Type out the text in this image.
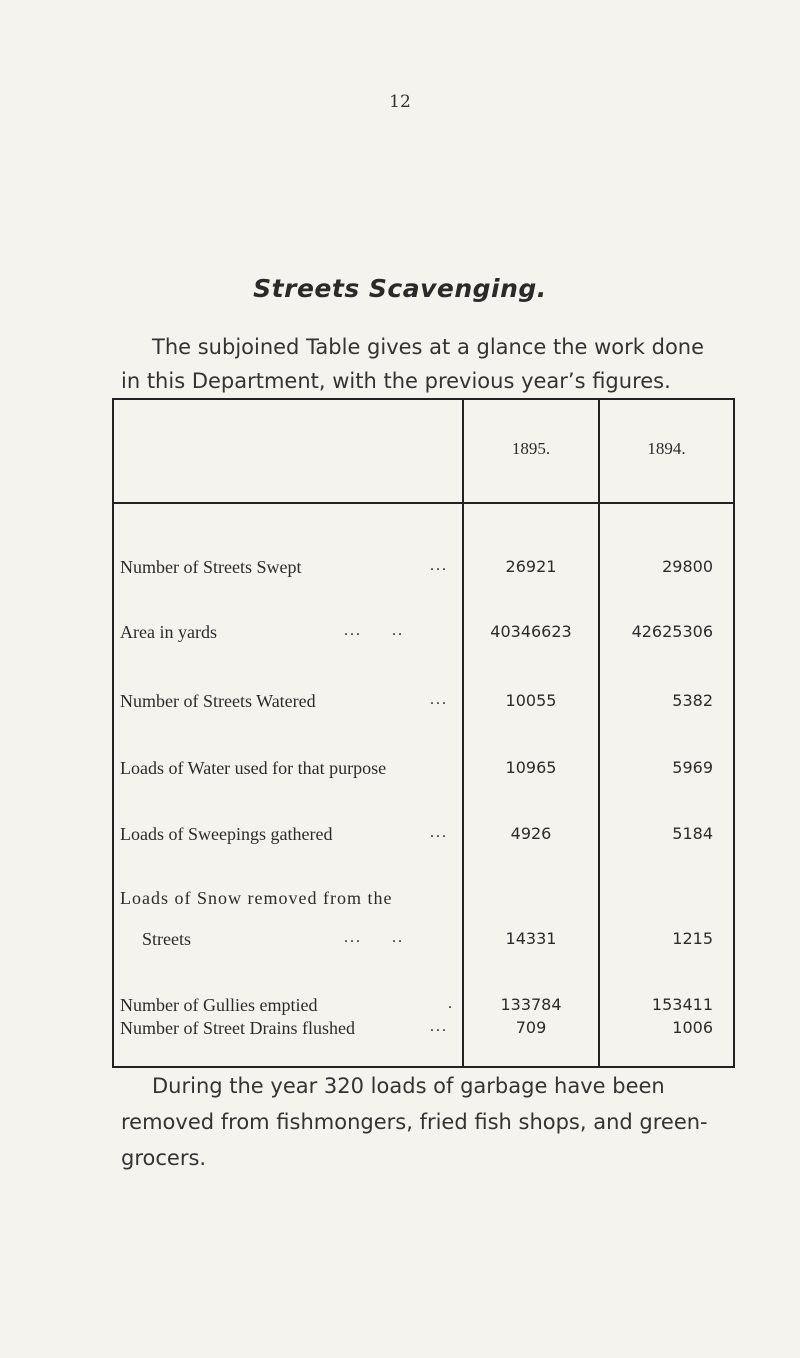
12
Streets Scavenging.
The subjoined Table gives at a glance the work done
in this Department, with the previous year’s figures.
1895.	1894.
Number of Streets Swept	...	26921	29800
Area in yards	...     ..	40346623	42625306
Number of Streets Watered	...	10055	5382
Loads of Water used for that purpose	10965	5969
Loads of Sweepings gathered	...	4926	5184
Loads of Snow removed from the
Streets	...     ..	14331	1215
Number of Gullies emptied	.	133784	153411
Number of Street Drains flushed	...	709	1006
During the year 320 loads of garbage have been
removed from fishmongers, fried fish shops, and green-
grocers.
